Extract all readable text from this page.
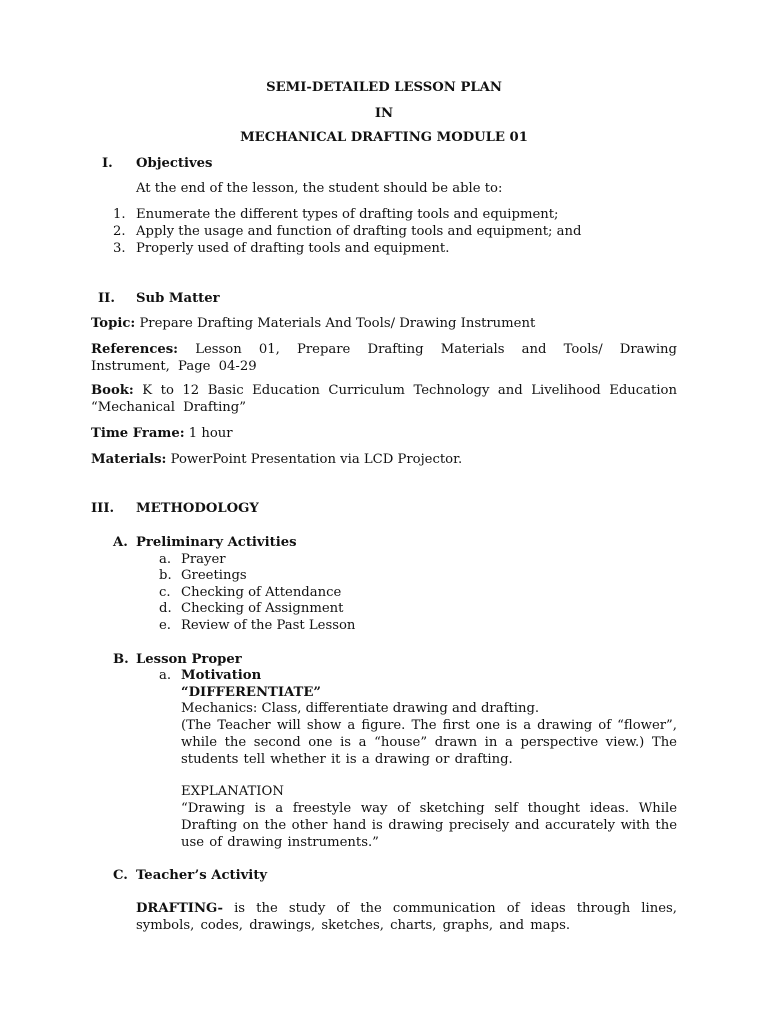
SEMI-DETAILED LESSON PLAN
IN
MECHANICAL DRAFTING MODULE 01
I. Objectives
At the end of the lesson, the student should be able to:
1. Enumerate the different types of drafting tools and equipment;
2. Apply the usage and function of drafting tools and equipment; and
3. Properly used of drafting tools and equipment.
II. Sub Matter
Topic: Prepare Drafting Materials And Tools/ Drawing Instrument
References: Lesson 01, Prepare Drafting Materials and Tools/ Drawing Instrument, Page 04-29
Book: K to 12 Basic Education Curriculum Technology and Livelihood Education “Mechanical Drafting”
Time Frame: 1 hour
Materials: PowerPoint Presentation via LCD Projector.
III. METHODOLOGY
A. Preliminary Activities
a. Prayer
b. Greetings
c. Checking of Attendance
d. Checking of Assignment
e. Review of the Past Lesson
B. Lesson Proper
a. Motivation
“DIFFERENTIATE”
Mechanics: Class, differentiate drawing and drafting.
(The Teacher will show a figure. The first one is a drawing of “flower”, while the second one is a “house” drawn in a perspective view.) The students tell whether it is a drawing or drafting.
EXPLANATION
“Drawing is a freestyle way of sketching self thought ideas. While Drafting on the other hand is drawing precisely and accurately with the use of drawing instruments.”
C. Teacher’s Activity
DRAFTING- is the study of the communication of ideas through lines, symbols, codes, drawings, sketches, charts, graphs, and maps.
